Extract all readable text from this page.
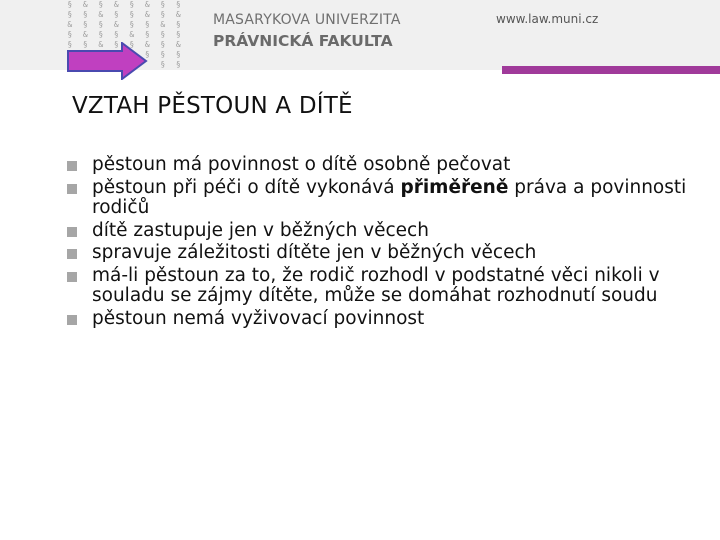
§	&	§	&	§	&	§	§
§	§	&	§	§	&	§	&
&	§	§	&	§	§	&	§
§	&	§	§	&	§	§	§
§	§	&	§	§	&	§	&
§	§	§
§	§
MASARYKOVA UNIVERZITA
PRÁVNICKÁ FAKULTA
www.law.muni.cz
VZTAH PĚSTOUN A DÍTĚ
pěstoun má povinnost o dítě osobně pečovat
pěstoun při péči o dítě vykonává přiměřeně práva a povinnosti rodičů
dítě zastupuje jen v běžných věcech
spravuje záležitosti dítěte jen v běžných věcech
má-li pěstoun za to, že rodič rozhodl v podstatné věci nikoli v souladu se zájmy dítěte, může se domáhat rozhodnutí soudu
pěstoun nemá vyživovací povinnost
